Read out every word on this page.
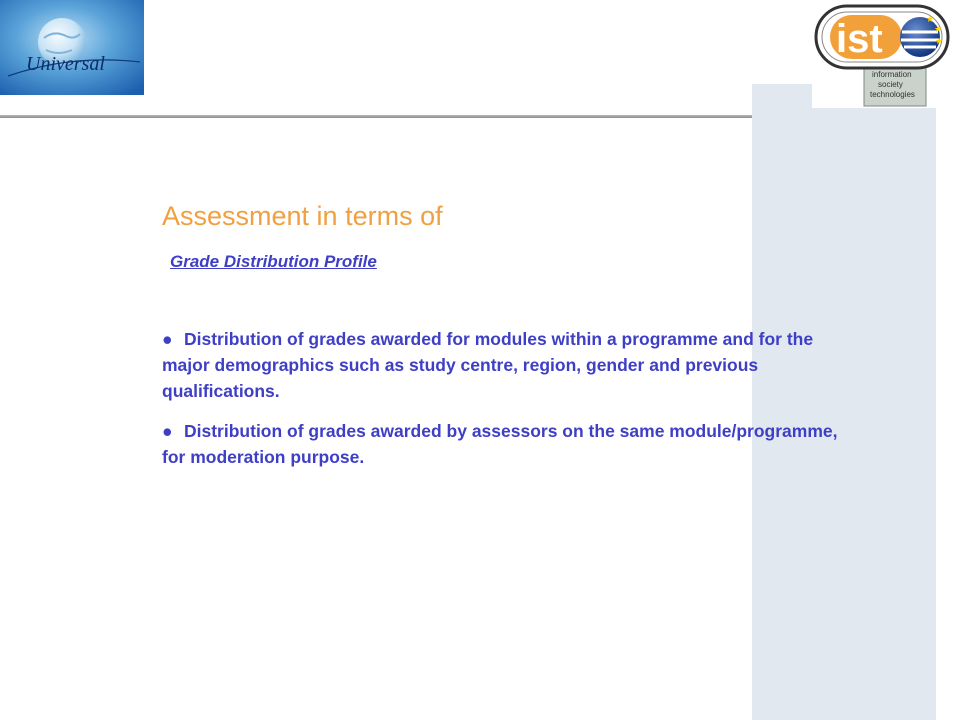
Universal
ist	★
★
★
information
society
technologies
Assessment in terms of
Grade Distribution Profile
● Distribution of grades awarded for modules within a programme and for the major demographics such as study centre, region, gender and previous qualifications.
● Distribution of grades awarded by assessors on the same module/programme, for moderation purpose.
